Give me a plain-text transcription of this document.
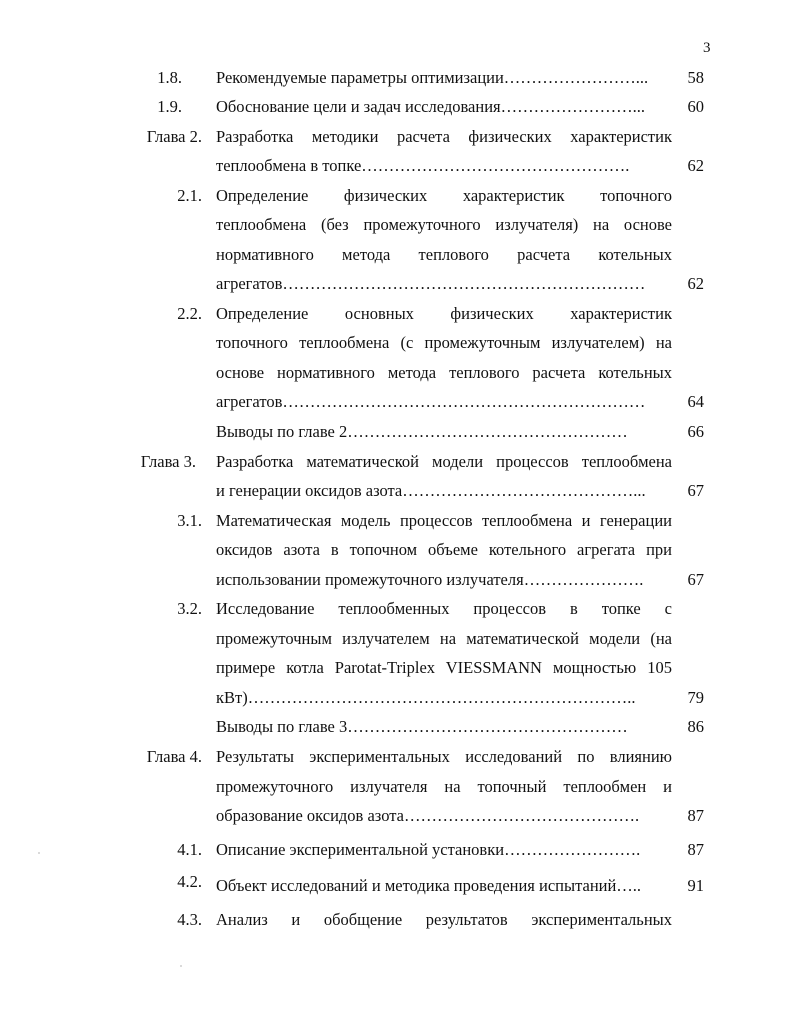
3
1.8. Рекомендуемые параметры оптимизации……………………...	58
1.9. Обоснование цели и задач исследования……………………...	60
Глава 2. Разработка методики расчета физических характеристик
теплообмена в топке………………………………………….	62
2.1. Определение физических характеристик топочного
теплообмена (без промежуточного излучателя) на основе
нормативного метода теплового расчета котельных
агрегатов…………………………………………………………	62
2.2. Определение основных физических характеристик
топочного теплообмена (с промежуточным излучателем) на
основе нормативного метода теплового расчета котельных
агрегатов…………………………………………………………	64
Выводы по главе 2……………………………………………	66
Глава 3. Разработка математической модели процессов теплообмена
и генерации оксидов азота……………………………………...	67
3.1. Математическая модель процессов теплообмена и генерации
оксидов азота в топочном объеме котельного агрегата при
использовании промежуточного излучателя………………….	67
3.2. Исследование теплообменных процессов в топке с
промежуточным излучателем на математической модели (на
примере котла Parotat-Triplex VIESSMANN мощностью 105
кВт)……………………………………………………………..	79
Выводы по главе 3……………………………………………	86
Глава 4. Результаты экспериментальных исследований по влиянию
промежуточного излучателя на топочный теплообмен и
образование оксидов азота…………………………………….	87
4.1. Описание экспериментальной установки…………………….	87
4.2. Объект исследований и методика проведения испытаний…..	91
4.3. Анализ и обобщение результатов экспериментальных
